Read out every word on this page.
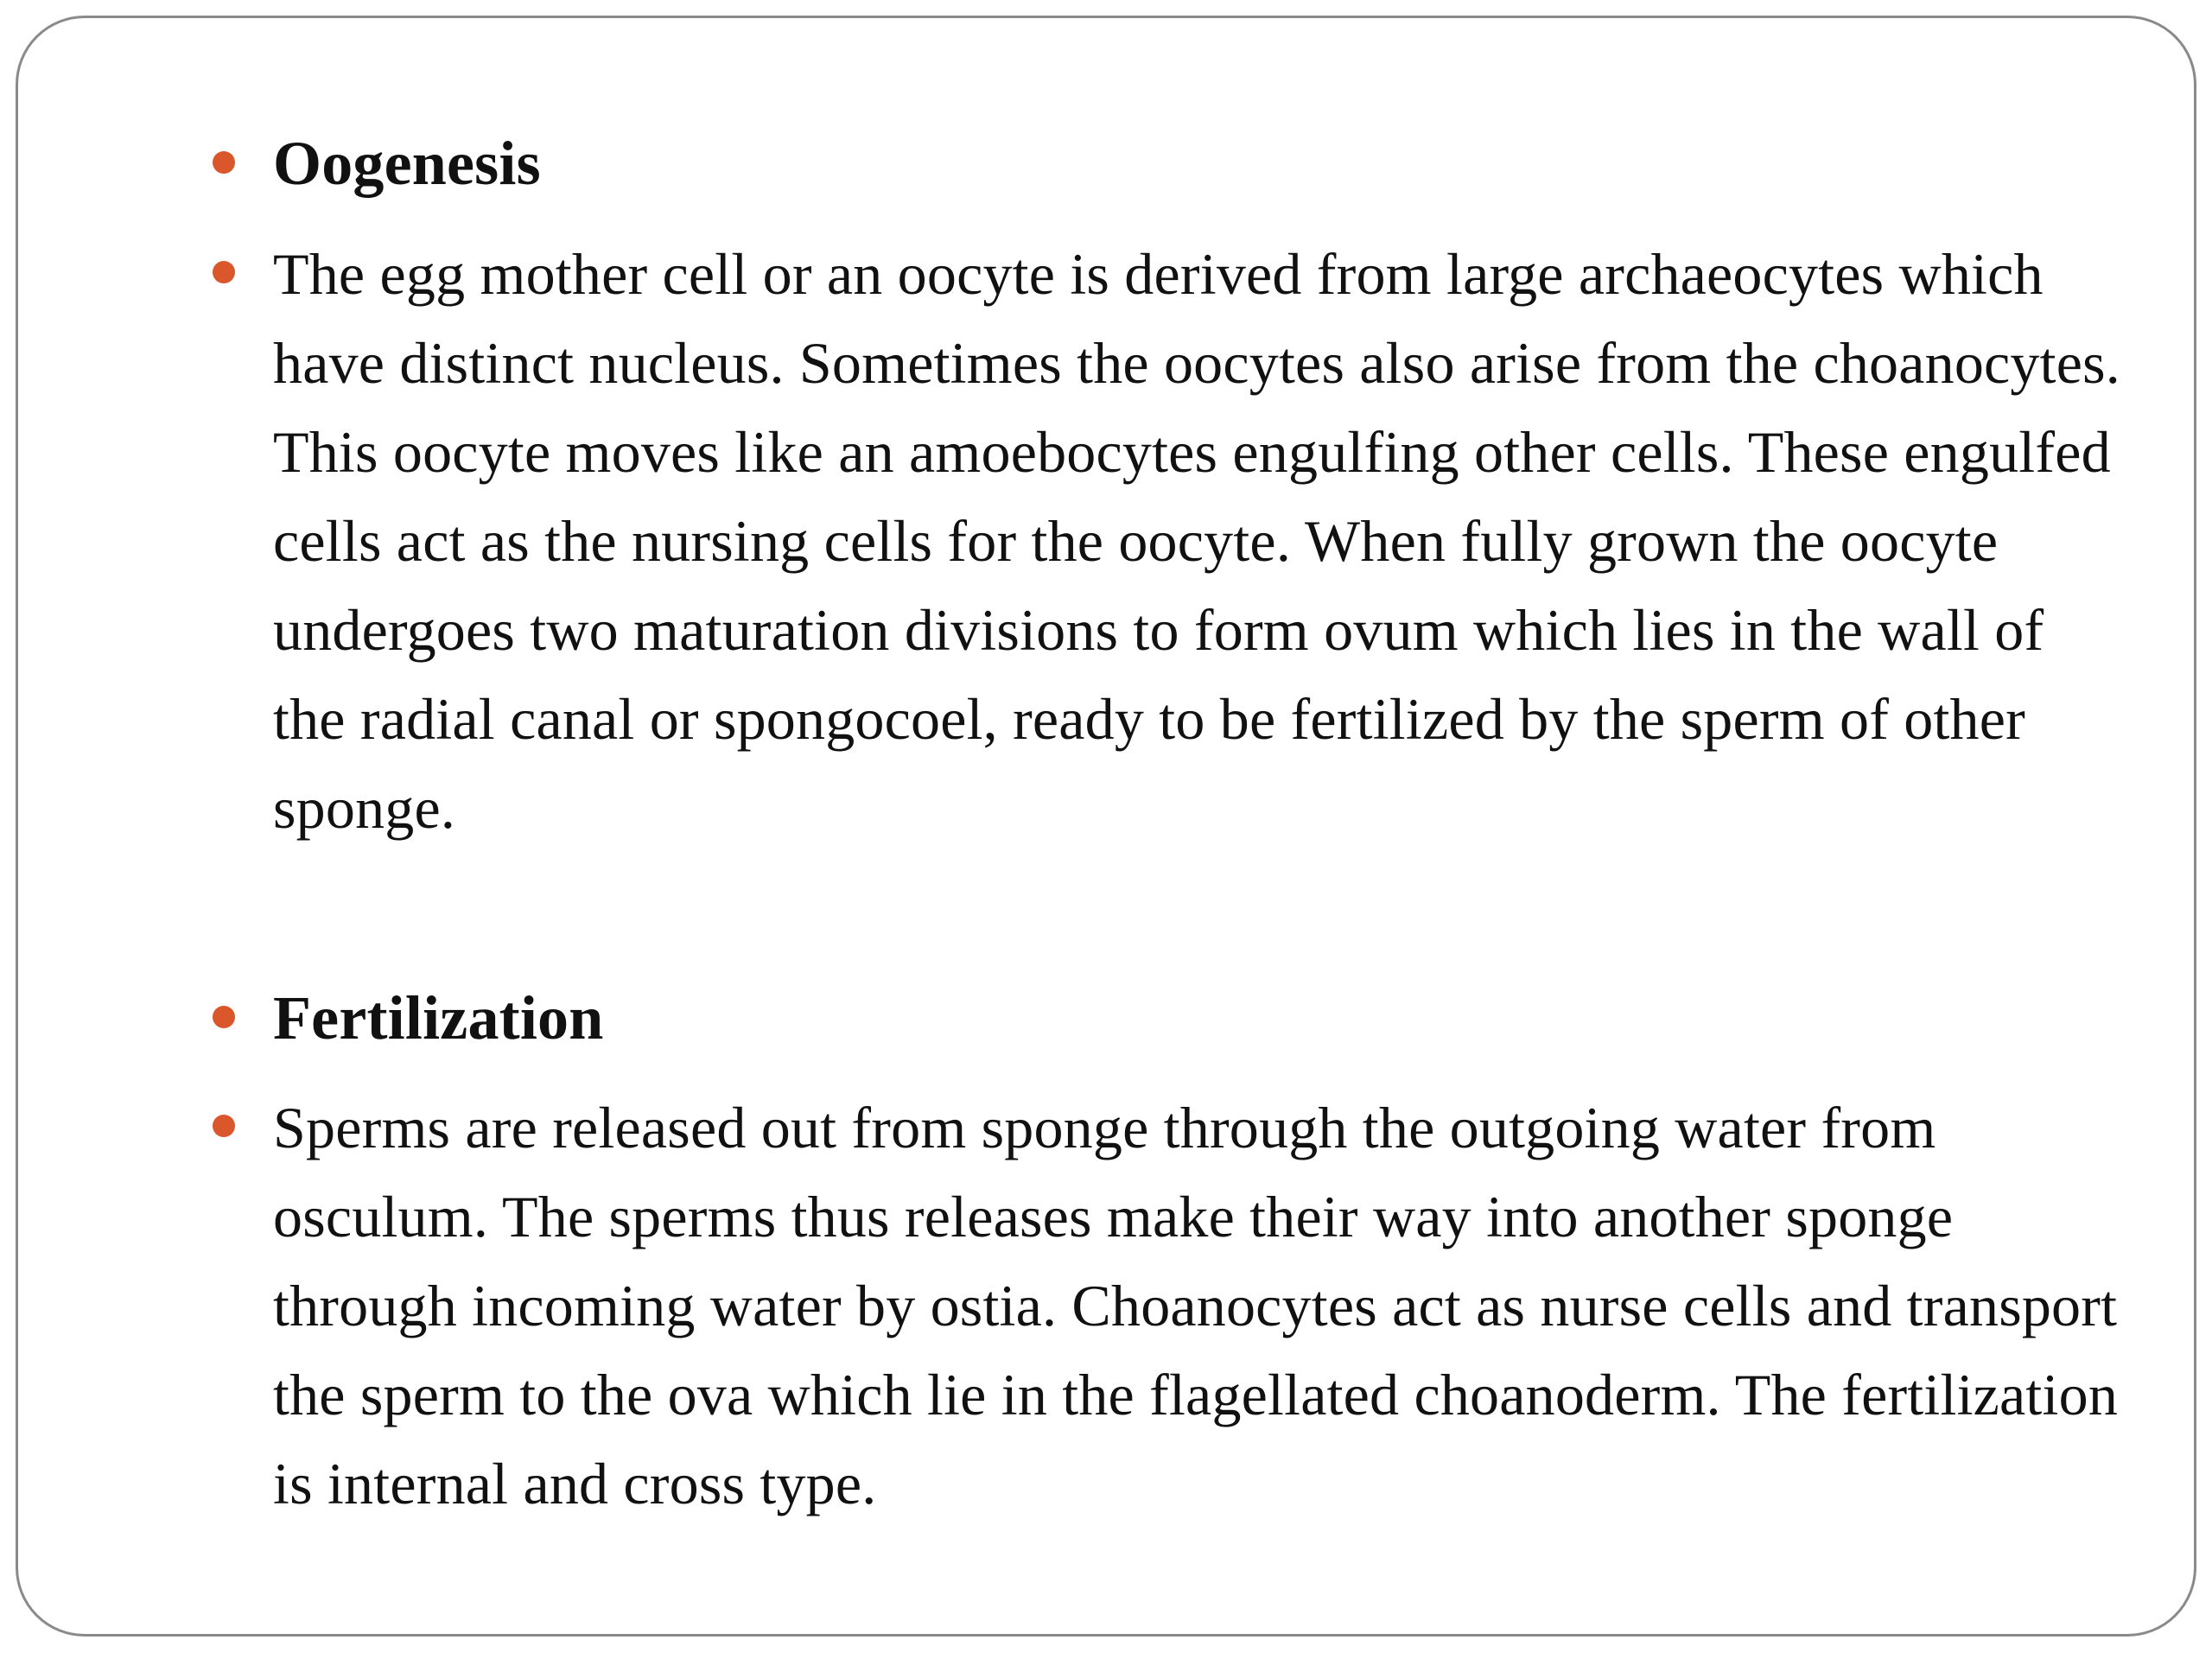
Oogenesis

The egg mother cell or an oocyte is derived from large archaeocytes which have distinct nucleus. Sometimes the oocytes also arise from the choanocytes. This oocyte moves like an amoebocytes engulfing other cells. These engulfed cells act as the nursing cells for the oocyte. When fully grown the oocyte undergoes two maturation divisions to form ovum which lies in the wall of the radial canal or spongocoel, ready to be fertilized by the sperm of other sponge.

Fertilization

Sperms are released out from sponge through the outgoing water from osculum. The sperms thus releases make their way into another sponge through incoming water by ostia. Choanocytes act as nurse cells and transport the sperm to the ova which lie in the flagellated choanoderm. The fertilization is internal and cross type.
